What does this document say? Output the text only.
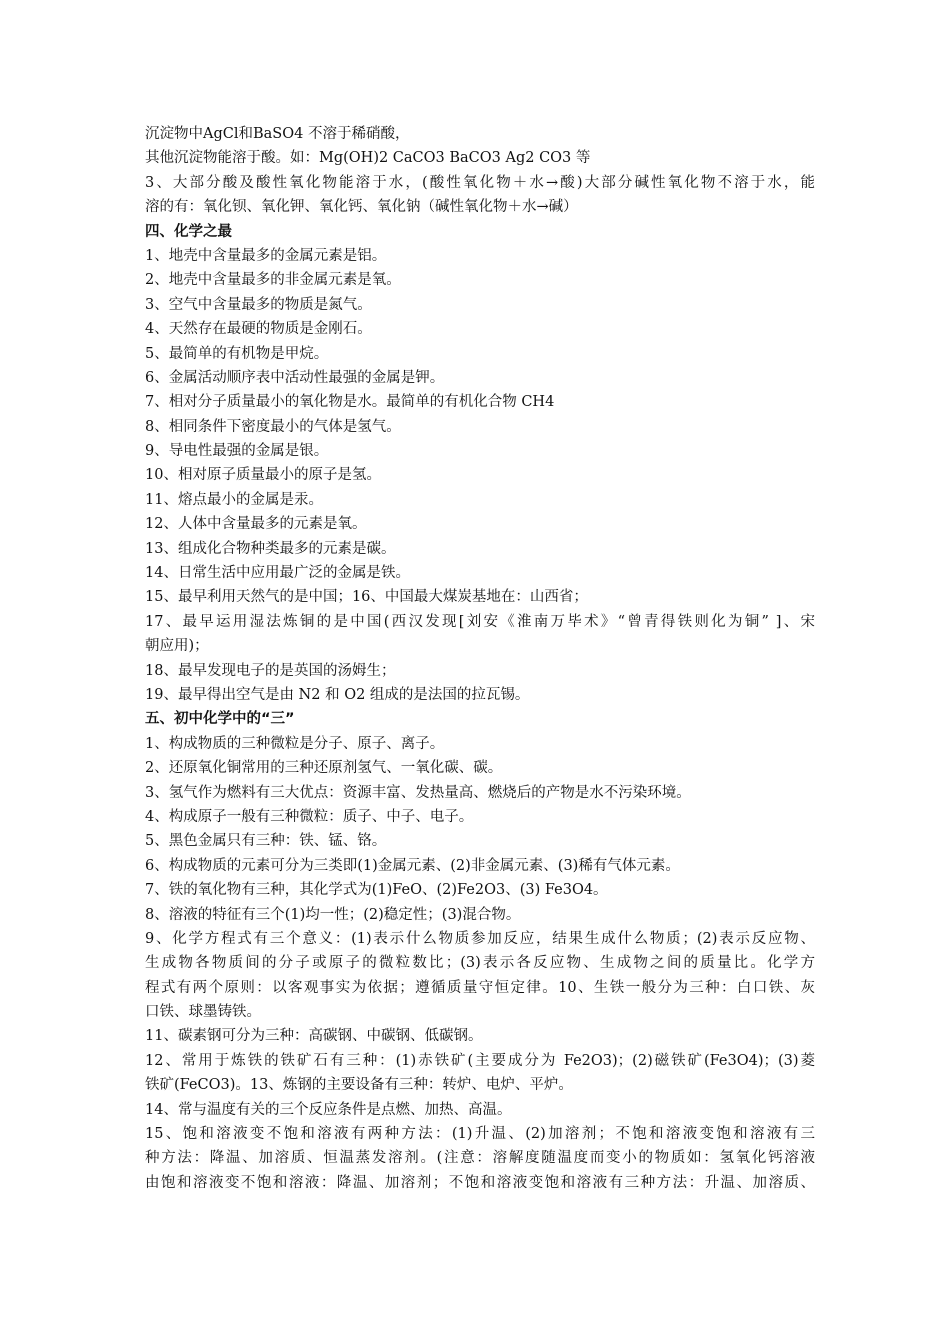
沉淀物中AgCl和BaSO4 不溶于稀硝酸，
其他沉淀物能溶于酸。如：Mg(OH)2 CaCO3 BaCO3 Ag2 CO3 等
3、大部分酸及酸性氧化物能溶于水，(酸性氧化物＋水→酸)大部分碱性氧化物不溶于水，能
溶的有：氧化钡、氧化钾、氧化钙、氧化钠（碱性氧化物＋水→碱）
四、化学之最
1、地壳中含量最多的金属元素是铝。
2、地壳中含量最多的非金属元素是氧。
3、空气中含量最多的物质是氮气。
4、天然存在最硬的物质是金刚石。
5、最简单的有机物是甲烷。
6、金属活动顺序表中活动性最强的金属是钾。
7、相对分子质量最小的氧化物是水。最简单的有机化合物 CH4
8、相同条件下密度最小的气体是氢气。
9、导电性最强的金属是银。
10、相对原子质量最小的原子是氢。
11、熔点最小的金属是汞。
12、人体中含量最多的元素是氧。
13、组成化合物种类最多的元素是碳。
14、日常生活中应用最广泛的金属是铁。
15、最早利用天然气的是中国；16、中国最大煤炭基地在：山西省；
17、最早运用湿法炼铜的是中国(西汉发现[刘安《淮南万毕术》“曾青得铁则化为铜” ]、宋
朝应用)；
18、最早发现电子的是英国的汤姆生；
19、最早得出空气是由 N2 和 O2 组成的是法国的拉瓦锡。
五、初中化学中的“三”
1、构成物质的三种微粒是分子、原子、离子。
2、还原氧化铜常用的三种还原剂氢气、一氧化碳、碳。
3、氢气作为燃料有三大优点：资源丰富、发热量高、燃烧后的产物是水不污染环境。
4、构成原子一般有三种微粒：质子、中子、电子。
5、黑色金属只有三种：铁、锰、铬。
6、构成物质的元素可分为三类即(1)金属元素、(2)非金属元素、(3)稀有气体元素。
7、铁的氧化物有三种，其化学式为(1)FeO、(2)Fe2O3、(3) Fe3O4。
8、溶液的特征有三个(1)均一性；(2)稳定性；(3)混合物。
9、化学方程式有三个意义：(1)表示什么物质参加反应，结果生成什么物质；(2)表示反应物、
生成物各物质间的分子或原子的微粒数比；(3)表示各反应物、生成物之间的质量比。化学方
程式有两个原则：以客观事实为依据；遵循质量守恒定律。10、生铁一般分为三种：白口铁、灰
口铁、球墨铸铁。
11、碳素钢可分为三种：高碳钢、中碳钢、低碳钢。
12、常用于炼铁的铁矿石有三种：(1)赤铁矿(主要成分为 Fe2O3)；(2)磁铁矿(Fe3O4)；(3)菱
铁矿(FeCO3)。13、炼钢的主要设备有三种：转炉、电炉、平炉。
14、常与温度有关的三个反应条件是点燃、加热、高温。
15、饱和溶液变不饱和溶液有两种方法：(1)升温、(2)加溶剂；不饱和溶液变饱和溶液有三
种方法：降温、加溶质、恒温蒸发溶剂。(注意：溶解度随温度而变小的物质如：氢氧化钙溶液
由饱和溶液变不饱和溶液：降温、加溶剂；不饱和溶液变饱和溶液有三种方法：升温、加溶质、
